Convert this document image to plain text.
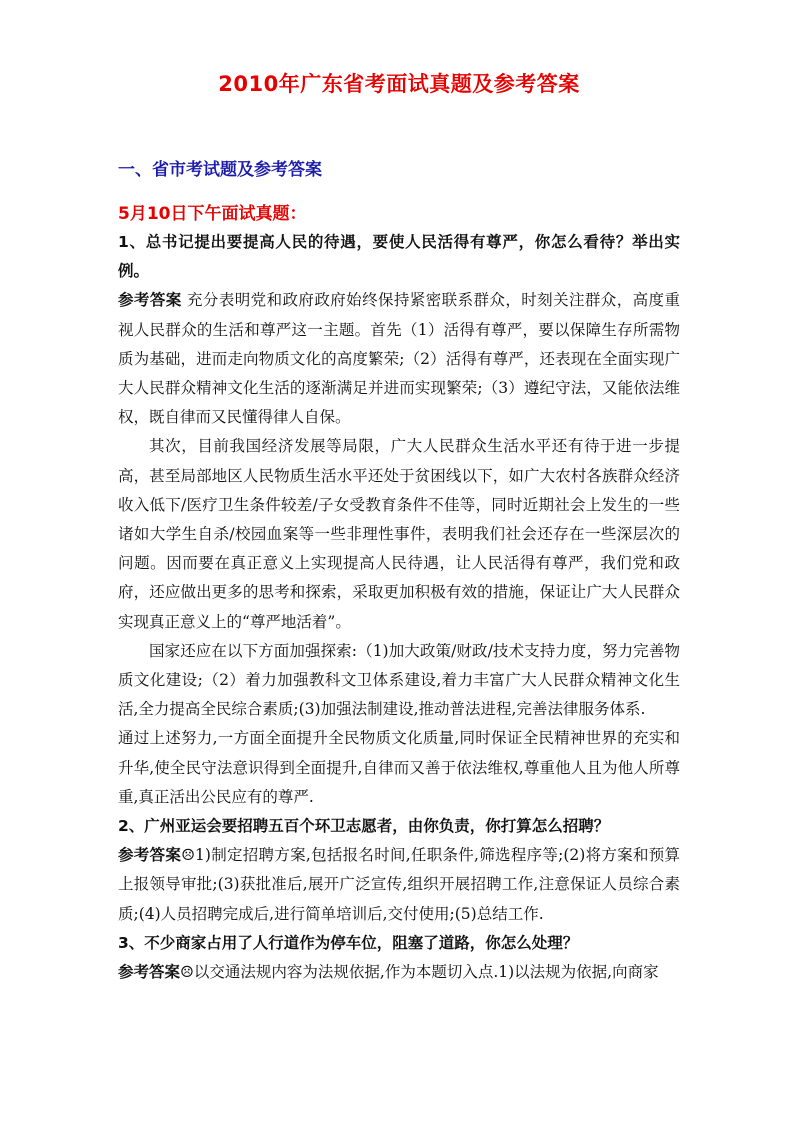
2010年广东省考面试真题及参考答案
一、省市考试题及参考答案
5月10日下午面试真题：

1、总书记提出要提高人民的待遇，要使人民活得有尊严，你怎么看待？举出实例。

参考答案 充分表明党和政府政府始终保持紧密联系群众，时刻关注群众，高度重视人民群众的生活和尊严这一主题。首先（1）活得有尊严，要以保障生存所需物质为基础，进而走向物质文化的高度繁荣;（2）活得有尊严，还表现在全面实现广大人民群众精神文化生活的逐渐满足并进而实现繁荣;（3）遵纪守法，又能依法维权，既自律而又民懂得律人自保。

其次，目前我国经济发展等局限，广大人民群众生活水平还有待于进一步提高，甚至局部地区人民物质生活水平还处于贫困线以下，如广大农村各族群众经济收入低下/医疗卫生条件较差/子女受教育条件不佳等，同时近期社会上发生的一些诸如大学生自杀/校园血案等一些非理性事件，表明我们社会还存在一些深层次的问题。因而要在真正意义上实现提高人民待遇，让人民活得有尊严，我们党和政府，还应做出更多的思考和探索，采取更加积极有效的措施，保证让广大人民群众实现真正意义上的“尊严地活着”。

国家还应在以下方面加强探索:（1)加大政策/财政/技术支持力度，努力完善物质文化建设;（2）着力加强教科文卫体系建设,着力丰富广大人民群众精神文化生活,全力提高全民综合素质;(3)加强法制建设,推动普法进程,完善法律服务体系.

通过上述努力,一方面全面提升全民物质文化质量,同时保证全民精神世界的充实和升华,使全民守法意识得到全面提升,自律而又善于依法维权,尊重他人且为他人所尊重,真正活出公民应有的尊严.

2、广州亚运会要招聘五百个环卫志愿者，由你负责，你打算怎么招聘？

参考答案☹1)制定招聘方案,包括报名时间,任职条件,筛选程序等;(2)将方案和预算上报领导审批;(3)获批准后,展开广泛宣传,组织开展招聘工作,注意保证人员综合素质;(4)人员招聘完成后,进行简单培训后,交付使用;(5)总结工作.

3、不少商家占用了人行道作为停车位，阻塞了道路，你怎么处理？

参考答案☹以交通法规内容为法规依据,作为本题切入点.1)以法规为依据,向商家
